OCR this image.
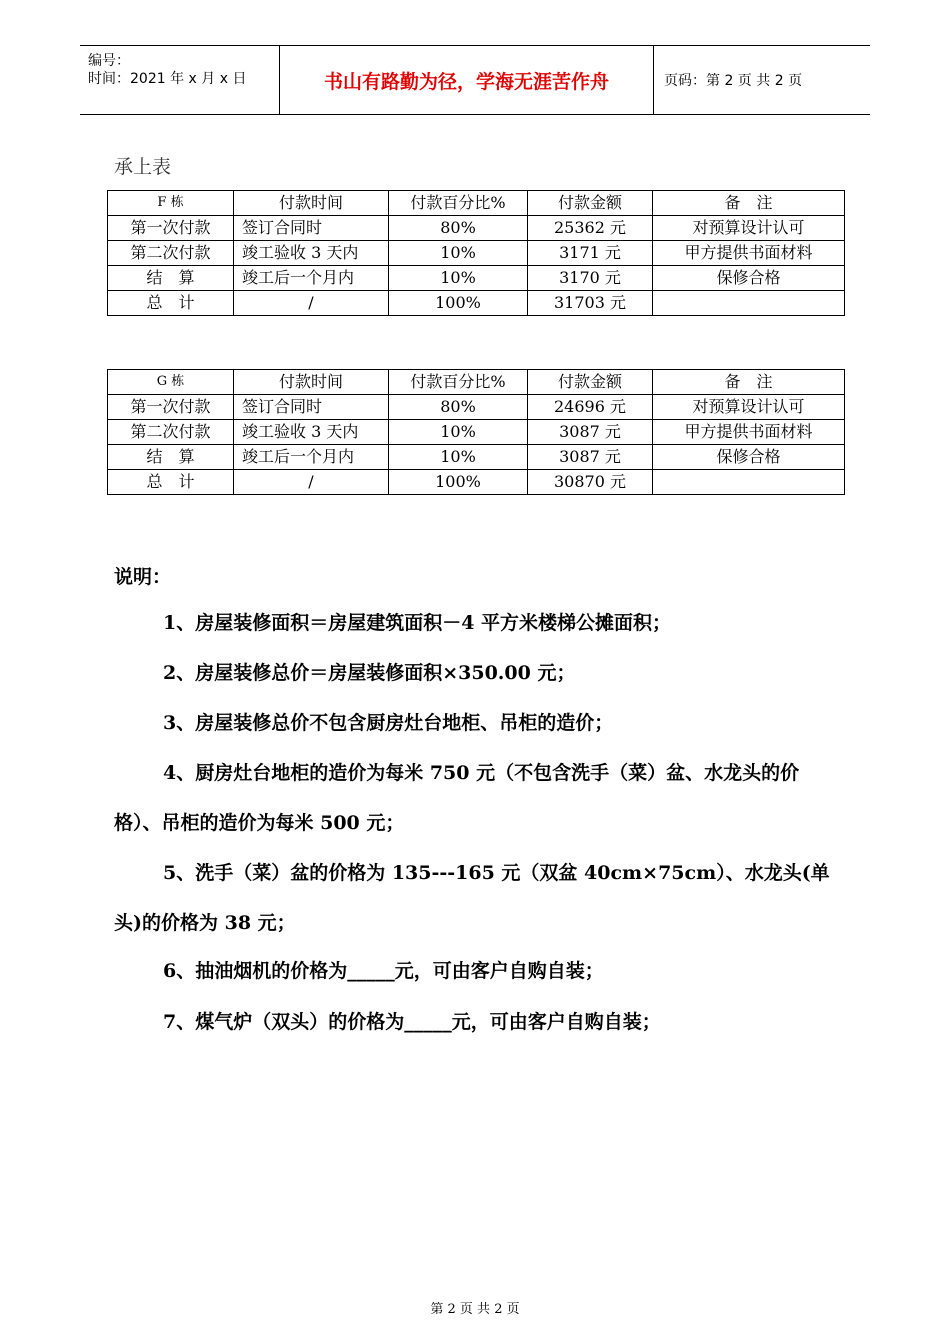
编号：
时间：2021 年 x 月 x 日	书山有路勤为径，学海无涯苦作舟	页码：第 2 页 共 2 页
承上表
F 栋	付款时间	付款百分比%	付款金额	备　注
第一次付款	签订合同时	80%	25362 元	对预算设计认可
第二次付款	竣工验收 3 天内	10%	3171 元	甲方提供书面材料
结　算	竣工后一个月内	10%	3170 元	保修合格
总　计	/	100%	31703 元	
G 栋	付款时间	付款百分比%	付款金额	备　注
第一次付款	签订合同时	80%	24696 元	对预算设计认可
第二次付款	竣工验收 3 天内	10%	3087 元	甲方提供书面材料
结　算	竣工后一个月内	10%	3087 元	保修合格
总　计	/	100%	30870 元	
说明：

1、房屋装修面积＝房屋建筑面积－4 平方米楼梯公摊面积；

2、房屋装修总价＝房屋装修面积×350.00 元；

3、房屋装修总价不包含厨房灶台地柜、吊柜的造价；

4、厨房灶台地柜的造价为每米 750 元（不包含洗手（菜）盆、水龙头的价格）、吊柜的造价为每米 500 元；

5、洗手（菜）盆的价格为 135---165 元（双盆 40cm×75cm）、水龙头(单头)的价格为 38 元；

6、抽油烟机的价格为_____元，可由客户自购自装；

7、煤气炉（双头）的价格为_____元，可由客户自购自装；

第 2 页 共 2 页
